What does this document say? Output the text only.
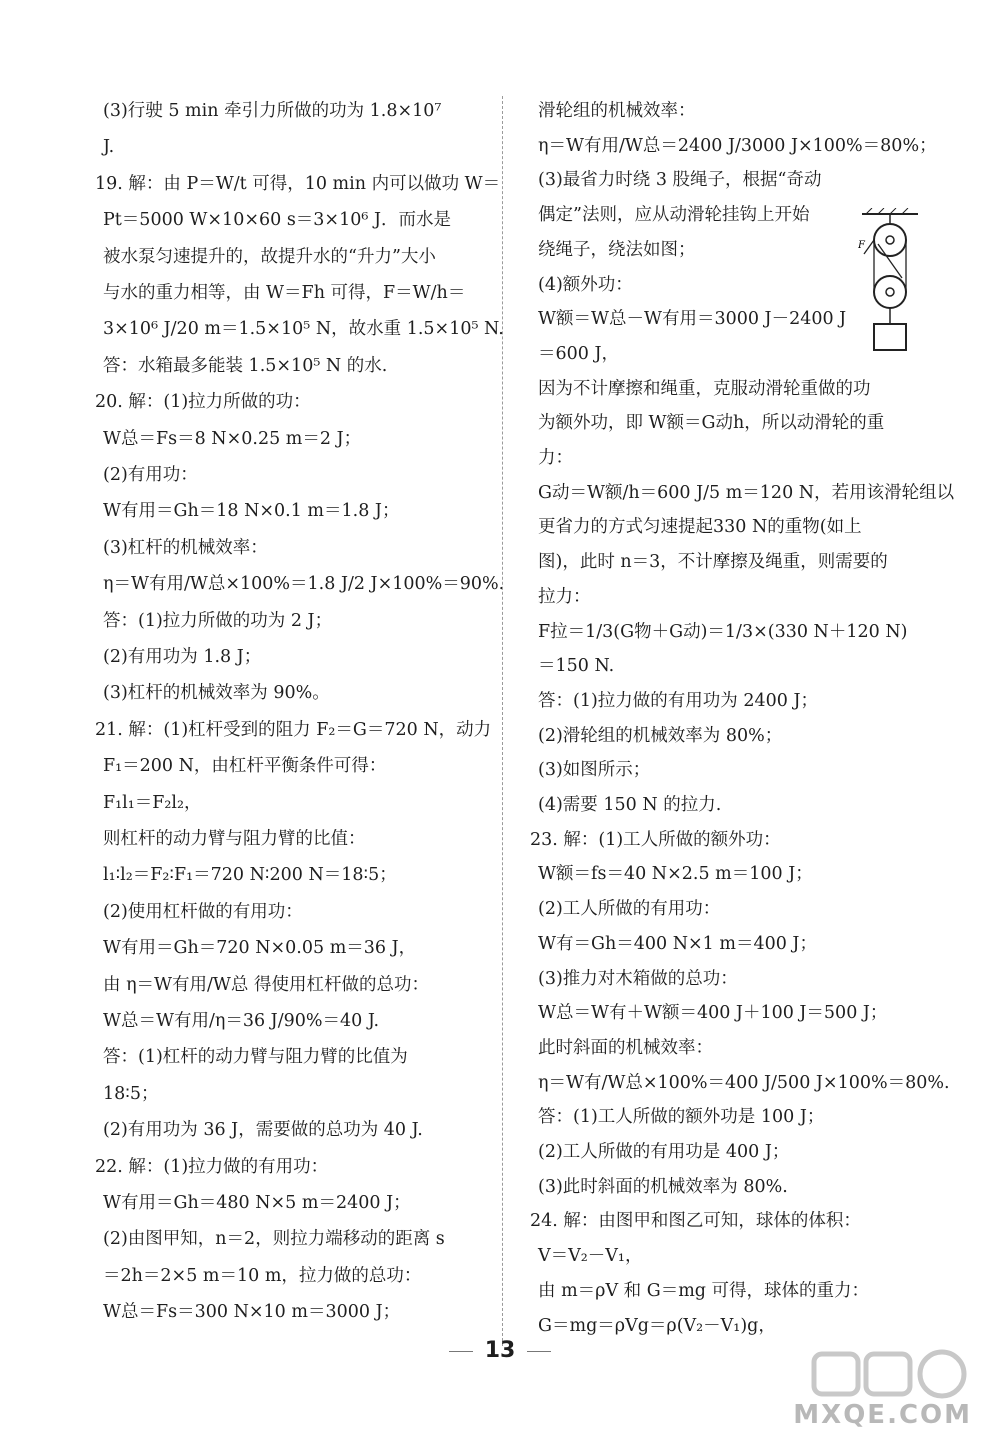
(3)行驶 5 min 牵引力所做的功为 1.8×10⁷
J.
19. 解：由 P＝W/t 可得，10 min 内可以做功 W＝
Pt＝5000 W×10×60 s＝3×10⁶ J．而水是
被水泵匀速提升的，故提升水的“升力”大小
与水的重力相等，由 W＝Fh 可得，F＝W/h＝
3×10⁶ J/20 m＝1.5×10⁵ N，故水重 1.5×10⁵ N.
答：水箱最多能装 1.5×10⁵ N 的水.
20. 解：(1)拉力所做的功：
W总＝Fs＝8 N×0.25 m＝2 J；
(2)有用功：
W有用＝Gh＝18 N×0.1 m＝1.8 J；
(3)杠杆的机械效率：
η＝W有用/W总×100%＝1.8 J/2 J×100%＝90%.
答：(1)拉力所做的功为 2 J；
(2)有用功为 1.8 J；
(3)杠杆的机械效率为 90%。
21. 解：(1)杠杆受到的阻力 F₂＝G＝720 N，动力
F₁＝200 N，由杠杆平衡条件可得：
F₁l₁＝F₂l₂，
则杠杆的动力臂与阻力臂的比值：
l₁∶l₂＝F₂∶F₁＝720 N∶200 N＝18∶5；
(2)使用杠杆做的有用功：
W有用＝Gh＝720 N×0.05 m＝36 J，
由 η＝W有用/W总 得使用杠杆做的总功：
W总＝W有用/η＝36 J/90%＝40 J.
答：(1)杠杆的动力臂与阻力臂的比值为
18∶5；
(2)有用功为 36 J，需要做的总功为 40 J.
22. 解：(1)拉力做的有用功：
W有用＝Gh＝480 N×5 m＝2400 J；
(2)由图甲知，n＝2，则拉力端移动的距离 s
＝2h＝2×5 m＝10 m，拉力做的总功：
W总＝Fs＝300 N×10 m＝3000 J；
滑轮组的机械效率：
η＝W有用/W总＝2400 J/3000 J×100%＝80%；
(3)最省力时绕 3 股绳子，根据“奇动
偶定”法则，应从动滑轮挂钩上开始
绕绳子，绕法如图；
(4)额外功：
W额＝W总－W有用＝3000 J－2400 J
＝600 J，
因为不计摩擦和绳重，克服动滑轮重做的功
为额外功，即 W额＝G动h，所以动滑轮的重
力：
G动＝W额/h＝600 J/5 m＝120 N，若用该滑轮组以
更省力的方式匀速提起330 N的重物(如上
图)，此时 n＝3，不计摩擦及绳重，则需要的
拉力：
F拉＝1/3(G物＋G动)＝1/3×(330 N＋120 N)
＝150 N.
答：(1)拉力做的有用功为 2400 J；
(2)滑轮组的机械效率为 80%；
(3)如图所示；
(4)需要 150 N 的拉力.
23. 解：(1)工人所做的额外功：
W额＝fs＝40 N×2.5 m＝100 J；
(2)工人所做的有用功：
W有＝Gh＝400 N×1 m＝400 J；
(3)推力对木箱做的总功：
W总＝W有＋W额＝400 J＋100 J＝500 J；
此时斜面的机械效率：
η＝W有/W总×100%＝400 J/500 J×100%＝80%.
答：(1)工人所做的额外功是 100 J；
(2)工人所做的有用功是 400 J；
(3)此时斜面的机械效率为 80%.
24. 解：由图甲和图乙可知，球体的体积：
V＝V₂－V₁，
由 m＝ρV 和 G＝mg 可得，球体的重力：
G＝mg＝ρVg＝ρ(V₂－V₁)g，
F
13
MXQE.COM
